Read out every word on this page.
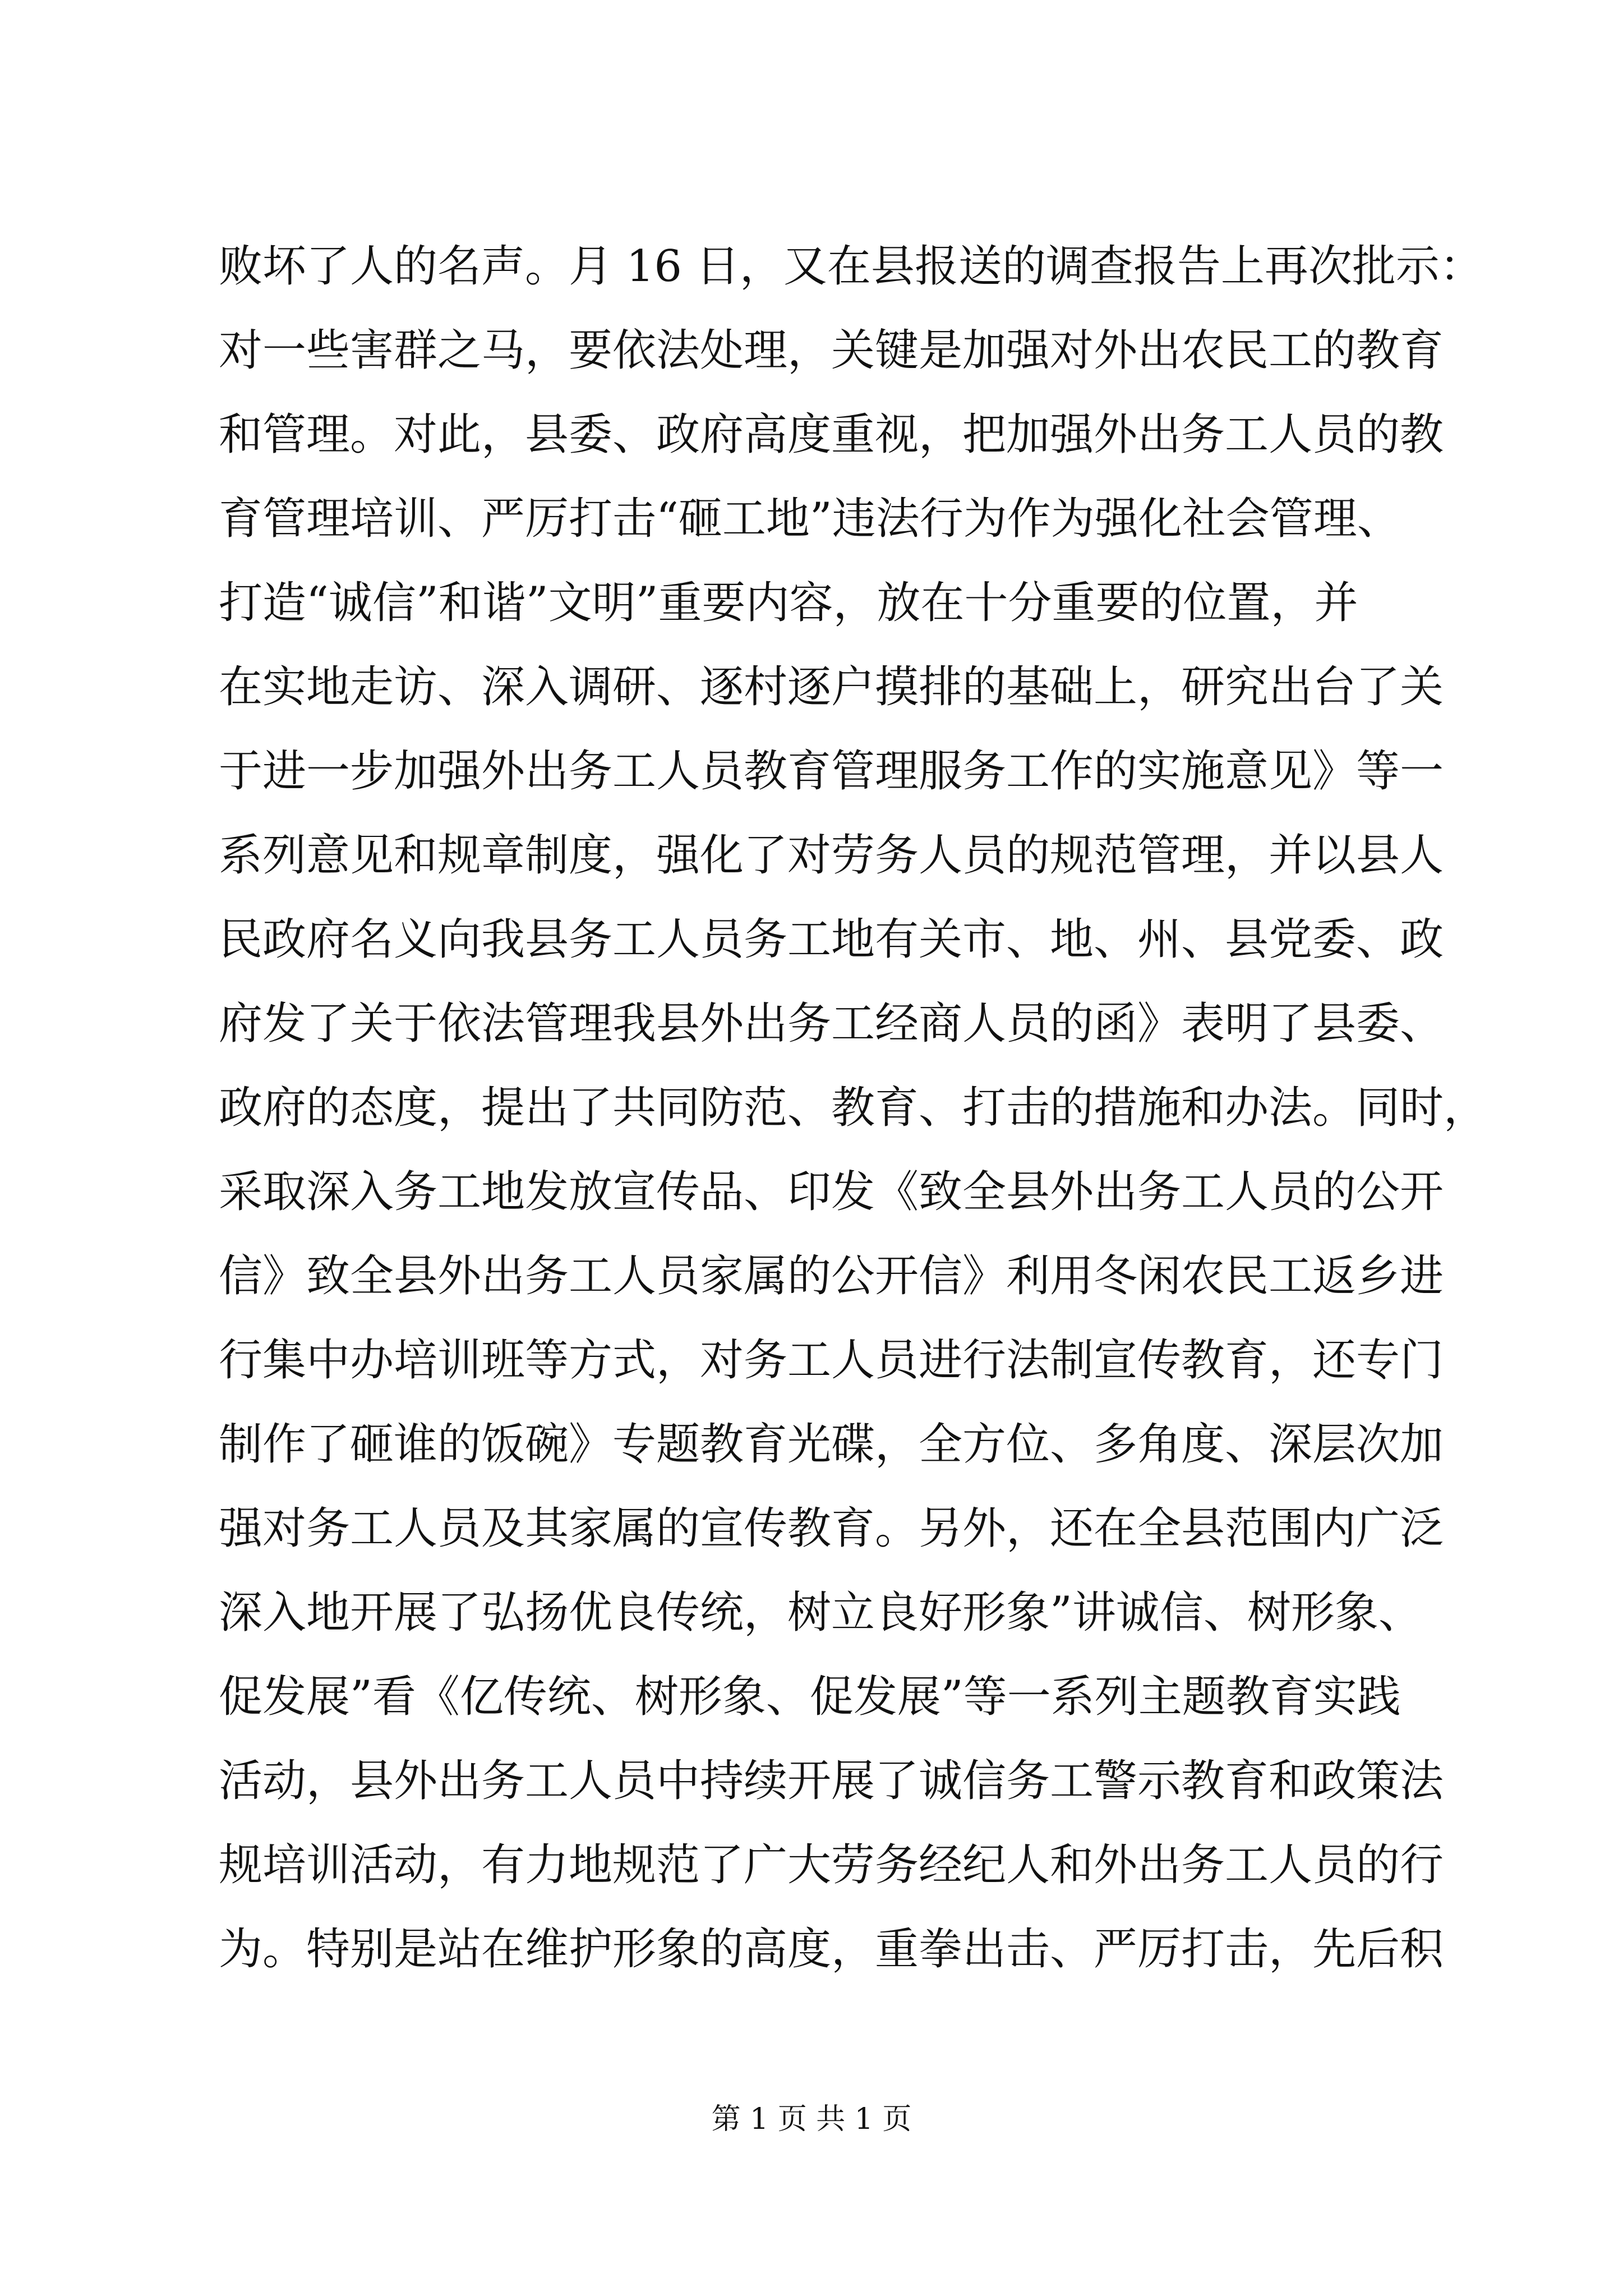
败坏了人的名声。月 16 日，又在县报送的调查报告上再次批示：
对一些害群之马，要依法处理，关键是加强对外出农民工的教育
和管理。对此，县委、政府高度重视，把加强外出务工人员的教
育管理培训、严厉打击“砸工地”违法行为作为强化社会管理、
打造“诚信”和谐”文明”重要内容，放在十分重要的位置，并
在实地走访、深入调研、逐村逐户摸排的基础上，研究出台了关
于进一步加强外出务工人员教育管理服务工作的实施意见》等一
系列意见和规章制度，强化了对劳务人员的规范管理，并以县人
民政府名义向我县务工人员务工地有关市、地、州、县党委、政
府发了关于依法管理我县外出务工经商人员的函》表明了县委、
政府的态度，提出了共同防范、教育、打击的措施和办法。同时，
采取深入务工地发放宣传品、印发《致全县外出务工人员的公开
信》致全县外出务工人员家属的公开信》利用冬闲农民工返乡进
行集中办培训班等方式，对务工人员进行法制宣传教育，还专门
制作了砸谁的饭碗》专题教育光碟，全方位、多角度、深层次加
强对务工人员及其家属的宣传教育。另外，还在全县范围内广泛
深入地开展了弘扬优良传统，树立良好形象”讲诚信、树形象、
促发展”看《亿传统、树形象、促发展”等一系列主题教育实践
活动，县外出务工人员中持续开展了诚信务工警示教育和政策法
规培训活动，有力地规范了广大劳务经纪人和外出务工人员的行
为。特别是站在维护形象的高度，重拳出击、严厉打击，先后积
第 1 页 共 1 页
